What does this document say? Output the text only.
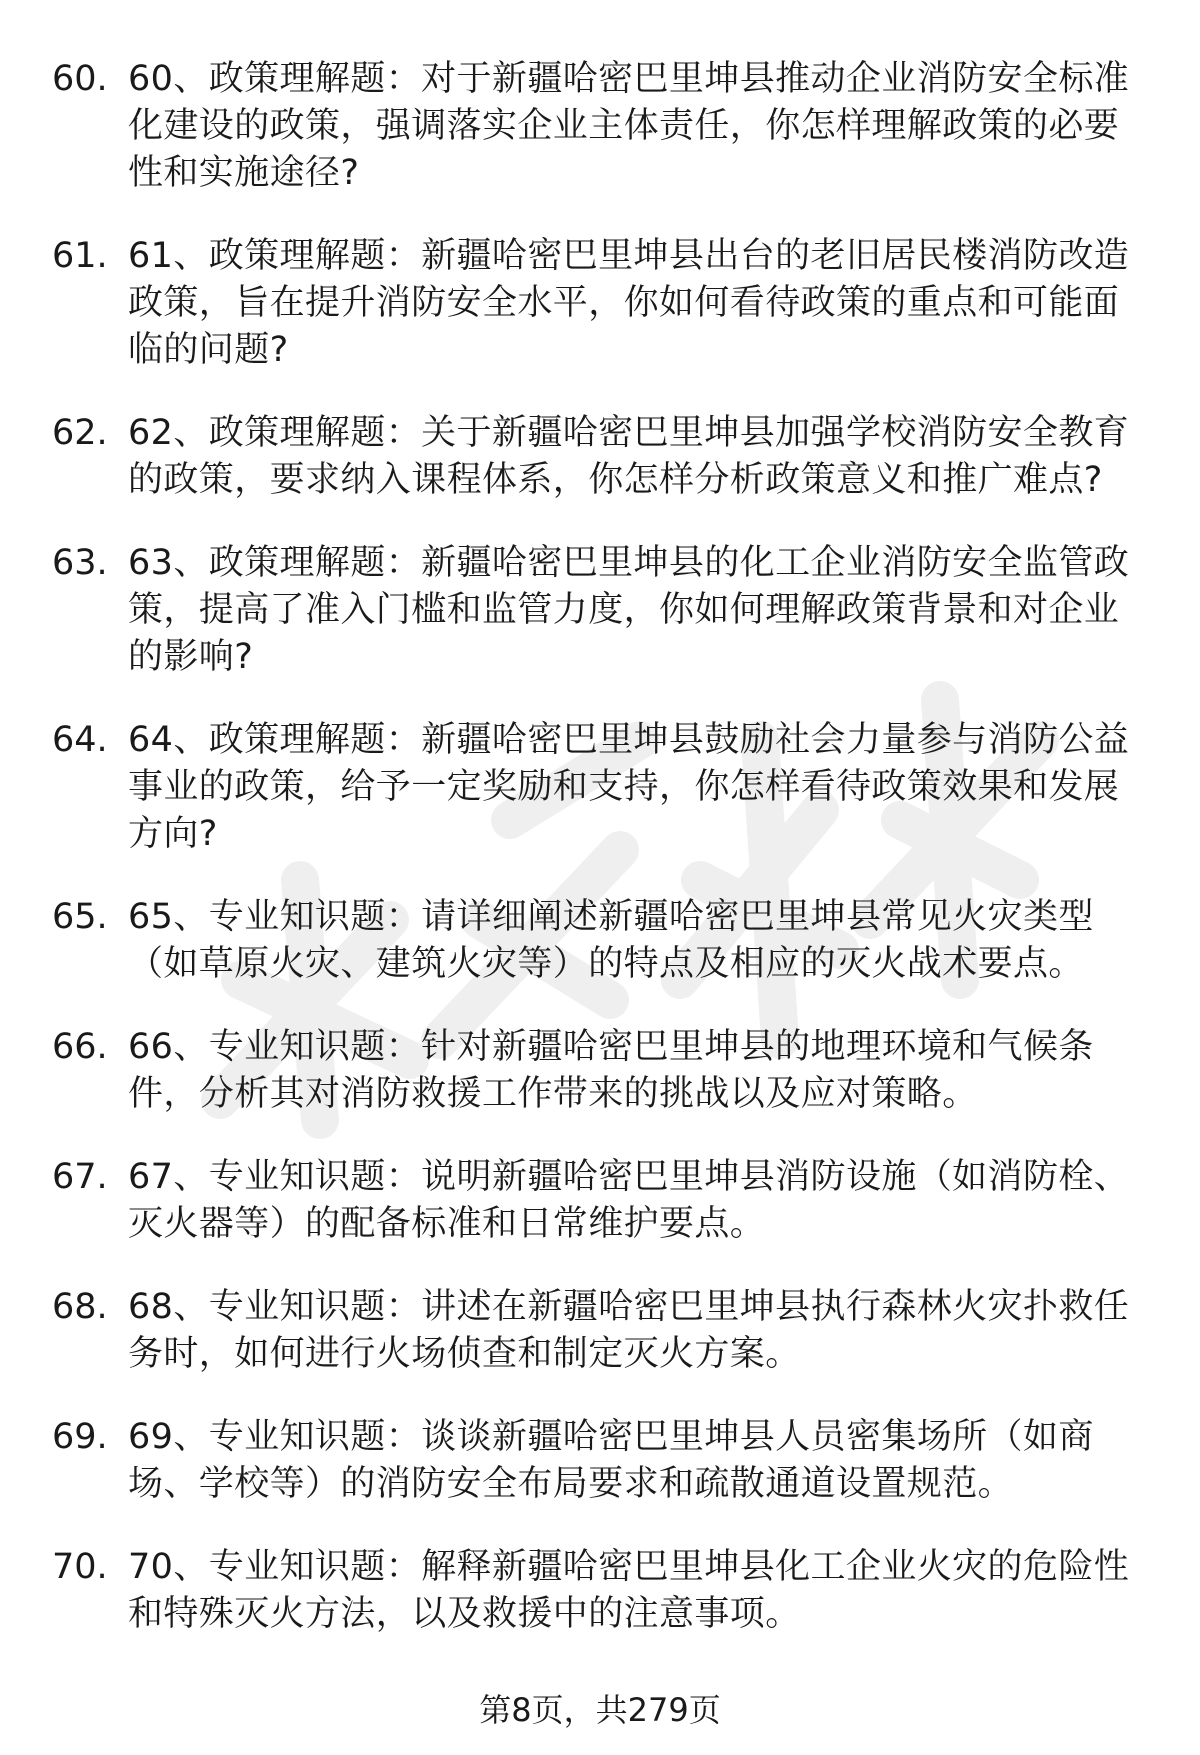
60. 60、政策理解题：对于新疆哈密巴里坤县推动企业消防安全标准化建设的政策，强调落实企业主体责任，你怎样理解政策的必要性和实施途径?
61. 61、政策理解题：新疆哈密巴里坤县出台的老旧居民楼消防改造政策，旨在提升消防安全水平，你如何看待政策的重点和可能面临的问题?
62. 62、政策理解题：关于新疆哈密巴里坤县加强学校消防安全教育的政策，要求纳入课程体系，你怎样分析政策意义和推广难点?
63. 63、政策理解题：新疆哈密巴里坤县的化工企业消防安全监管政策，提高了准入门槛和监管力度，你如何理解政策背景和对企业的影响?
64. 64、政策理解题：新疆哈密巴里坤县鼓励社会力量参与消防公益事业的政策，给予一定奖励和支持，你怎样看待政策效果和发展方向?
65. 65、专业知识题：请详细阐述新疆哈密巴里坤县常见火灾类型（如草原火灾、建筑火灾等）的特点及相应的灭火战术要点。
66. 66、专业知识题：针对新疆哈密巴里坤县的地理环境和气候条件，分析其对消防救援工作带来的挑战以及应对策略。
67. 67、专业知识题：说明新疆哈密巴里坤县消防设施（如消防栓、灭火器等）的配备标准和日常维护要点。
68. 68、专业知识题：讲述在新疆哈密巴里坤县执行森林火灾扑救任务时，如何进行火场侦查和制定灭火方案。
69. 69、专业知识题：谈谈新疆哈密巴里坤县人员密集场所（如商场、学校等）的消防安全布局要求和疏散通道设置规范。
70. 70、专业知识题：解释新疆哈密巴里坤县化工企业火灾的危险性和特殊灭火方法，以及救援中的注意事项。
第8页，共279页
